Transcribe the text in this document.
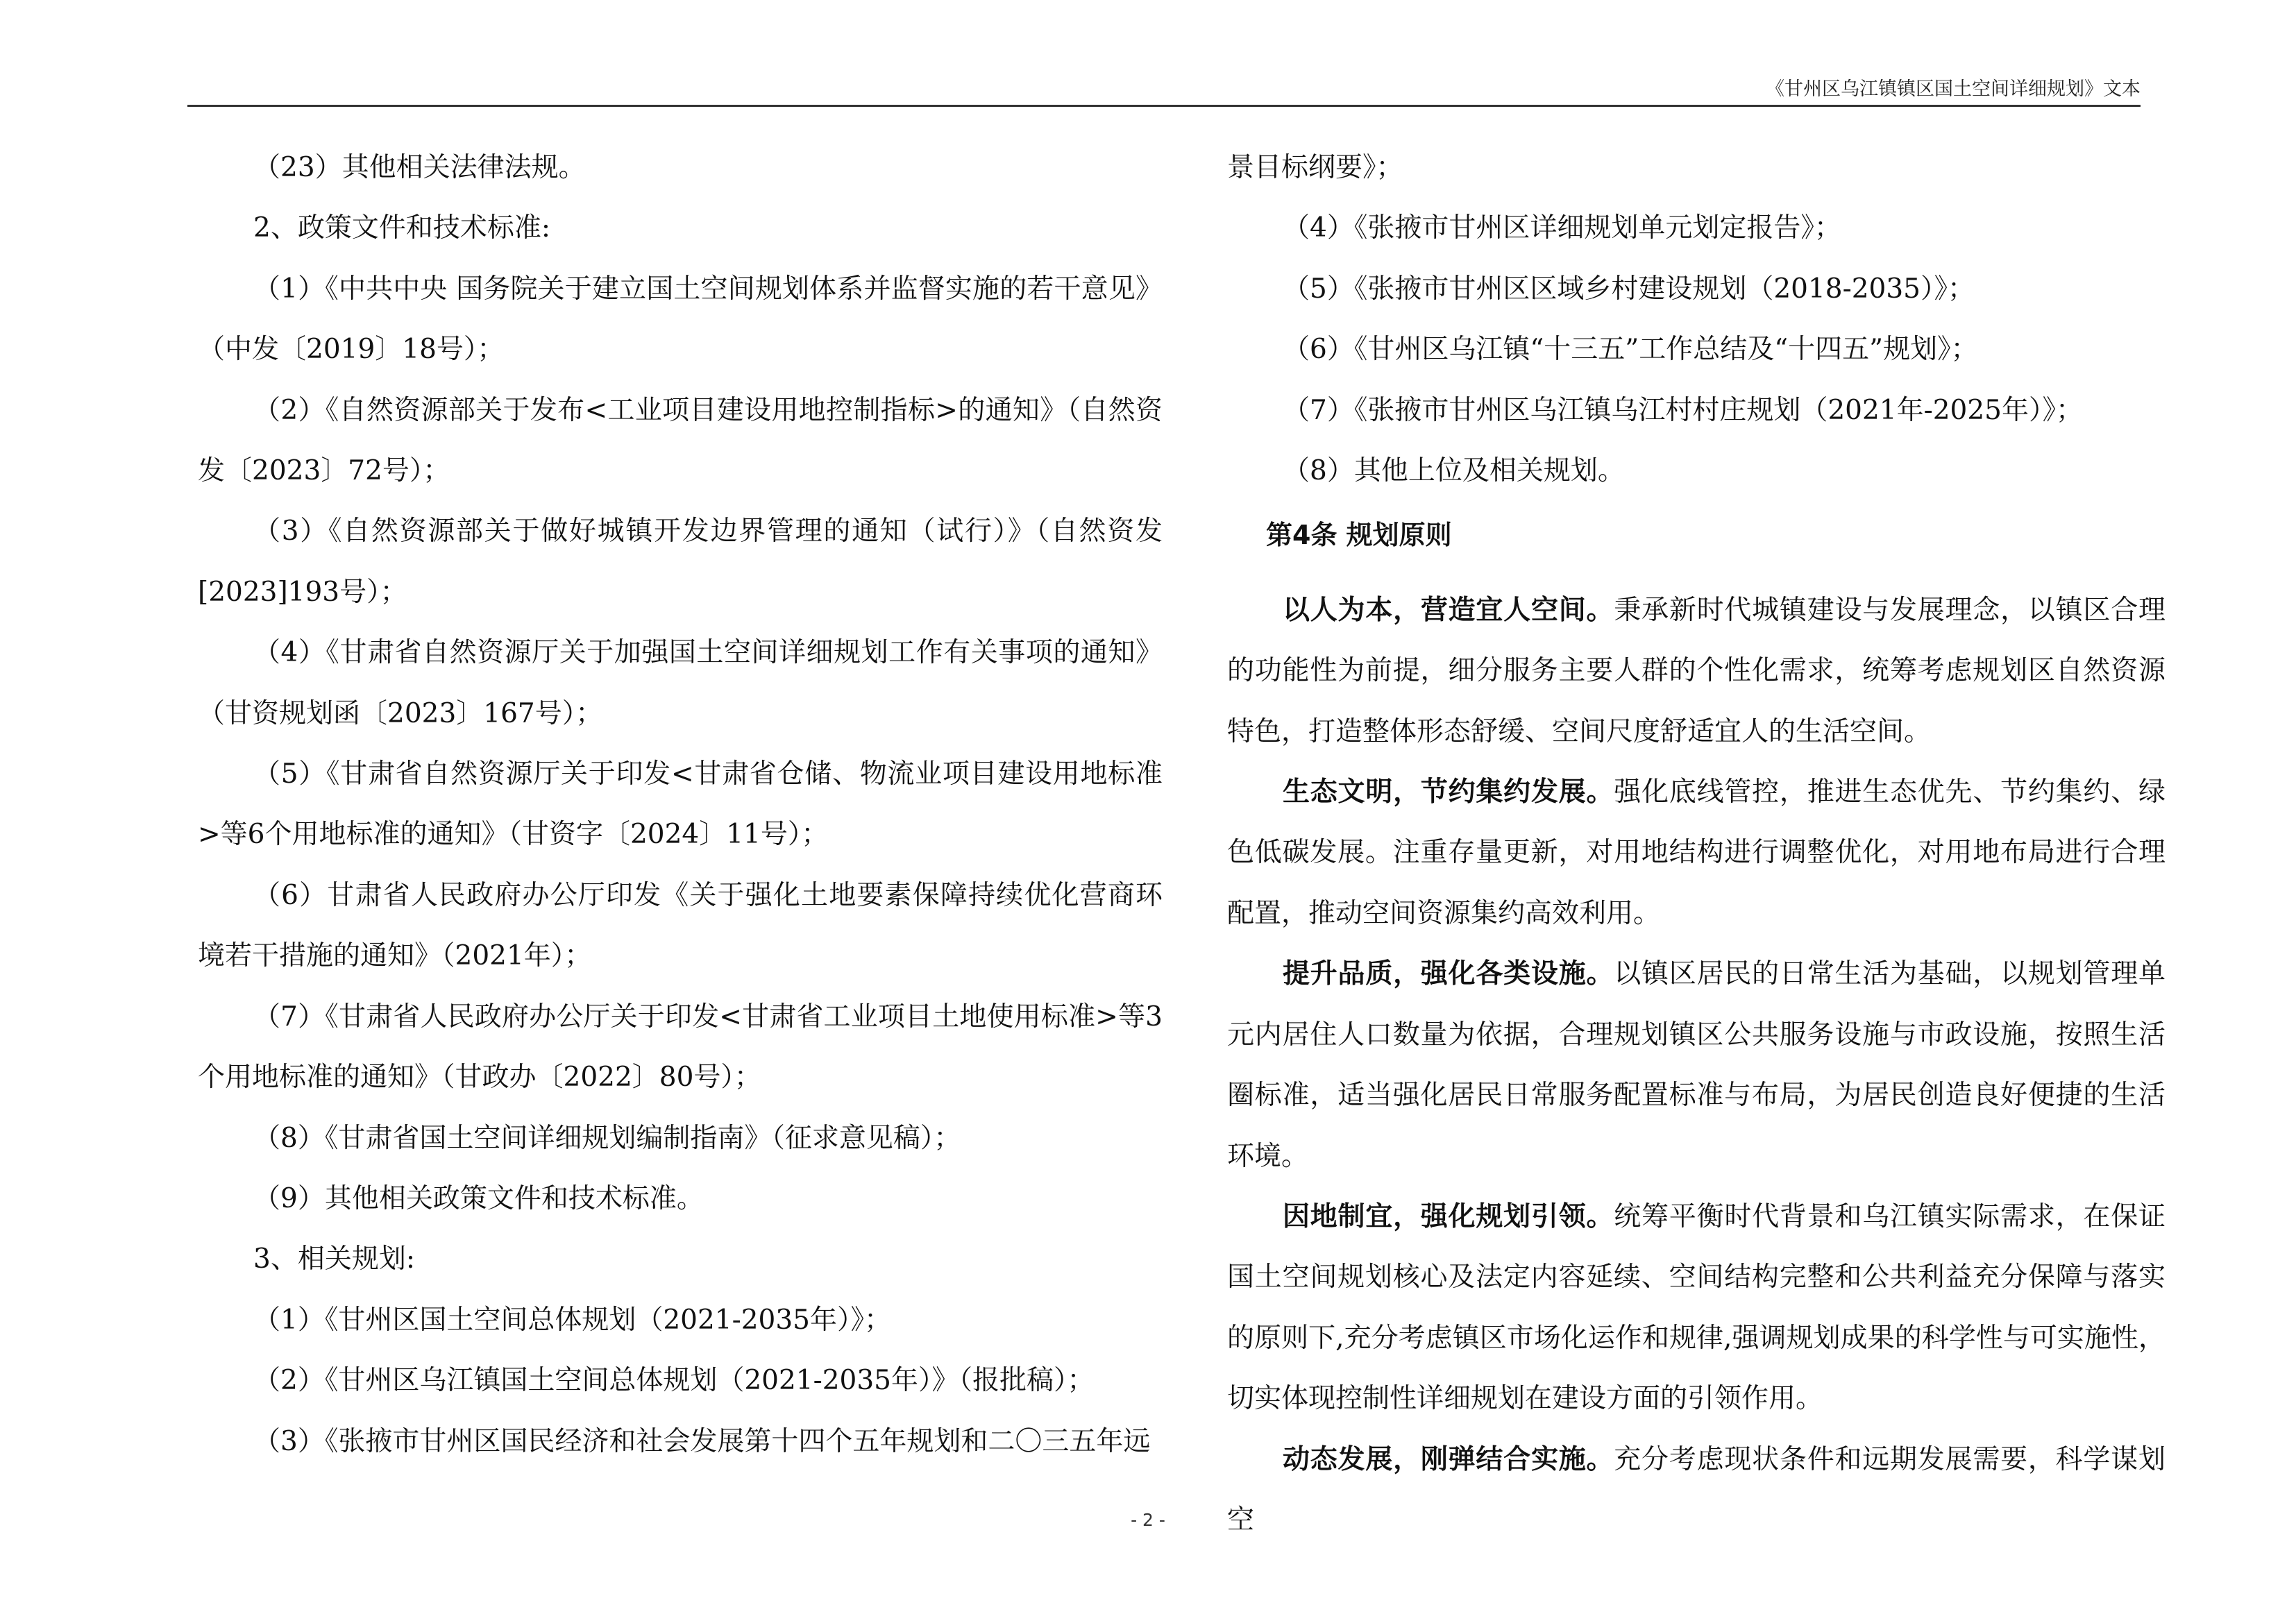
《甘州区乌江镇镇区国土空间详细规划》文本
（23）其他相关法律法规。
2、政策文件和技术标准:
（1）《中共中央 国务院关于建立国土空间规划体系并监督实施的若干意见》（中发〔2019〕18号）；
（2）《自然资源部关于发布<工业项目建设用地控制指标>的通知》（自然资发〔2023〕72号）；
（3）《自然资源部关于做好城镇开发边界管理的通知（试行）》（自然资发[2023]193号）；
（4）《甘肃省自然资源厅关于加强国土空间详细规划工作有关事项的通知》（甘资规划函〔2023〕167号）；
（5）《甘肃省自然资源厅关于印发<甘肃省仓储、物流业项目建设用地标准>等6个用地标准的通知》（甘资字〔2024〕11号）；
（6）甘肃省人民政府办公厅印发《关于强化土地要素保障持续优化营商环境若干措施的通知》（2021年）；
（7）《甘肃省人民政府办公厅关于印发<甘肃省工业项目土地使用标准>等3个用地标准的通知》（甘政办〔2022〕80号）；
（8）《甘肃省国土空间详细规划编制指南》（征求意见稿）；
（9）其他相关政策文件和技术标准。
3、相关规划:
（1）《甘州区国土空间总体规划（2021-2035年）》；
（2）《甘州区乌江镇国土空间总体规划（2021-2035年）》（报批稿）；
（3）《张掖市甘州区国民经济和社会发展第十四个五年规划和二〇三五年远
景目标纲要》；
（4）《张掖市甘州区详细规划单元划定报告》；
（5）《张掖市甘州区区域乡村建设规划（2018-2035）》；
（6）《甘州区乌江镇“十三五”工作总结及“十四五”规划》；
（7）《张掖市甘州区乌江镇乌江村村庄规划（2021年-2025年）》；
（8）其他上位及相关规划。
第4条 规划原则
以人为本，营造宜人空间。秉承新时代城镇建设与发展理念，以镇区合理的功能性为前提，细分服务主要人群的个性化需求，统筹考虑规划区自然资源特色，打造整体形态舒缓、空间尺度舒适宜人的生活空间。
生态文明，节约集约发展。强化底线管控，推进生态优先、节约集约、绿色低碳发展。注重存量更新，对用地结构进行调整优化，对用地布局进行合理配置，推动空间资源集约高效利用。
提升品质，强化各类设施。以镇区居民的日常生活为基础，以规划管理单元内居住人口数量为依据，合理规划镇区公共服务设施与市政设施，按照生活圈标准，适当强化居民日常服务配置标准与布局，为居民创造良好便捷的生活环境。
因地制宜，强化规划引领。统筹平衡时代背景和乌江镇实际需求，在保证国土空间规划核心及法定内容延续、空间结构完整和公共利益充分保障与落实的原则下,充分考虑镇区市场化运作和规律,强调规划成果的科学性与可实施性，切实体现控制性详细规划在建设方面的引领作用。
动态发展，刚弹结合实施。充分考虑现状条件和远期发展需要，科学谋划空
- 2 -
